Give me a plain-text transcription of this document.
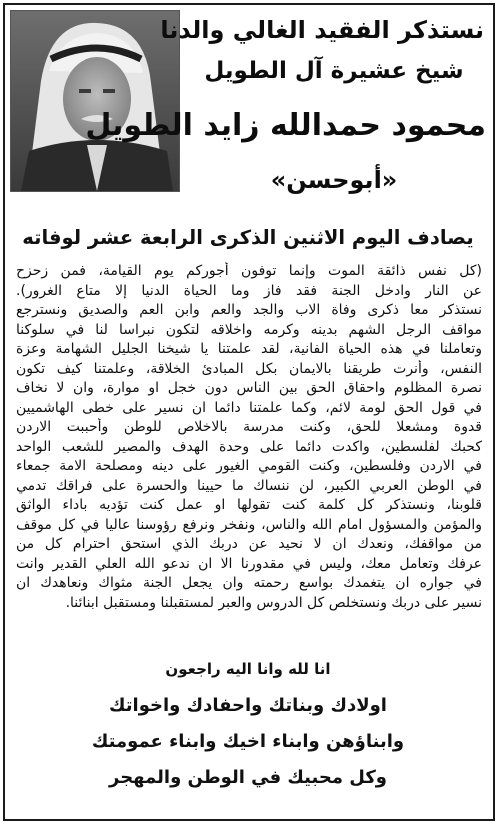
نستذكر الفقيد الغالي والدنا
شيخ عشيرة آل الطويل
محمود حمدالله زايد الطويل
«أبوحسن»
يصادف اليوم الاثنين الذكرى الرابعة عشر لوفاته
(كل نفس ذائقة الموت وإنما توفون أجوركم يوم القيامة، فمن زحزح
عن النار وادخل الجنة فقد فاز وما الحياة الدنيا إلا متاع الغرور).
نستذكر معا ذكرى وفاة الاب والجد والعم وابن العم والصديق ونسترجع
مواقف الرجل الشهم بدينه وكرمه واخلاقه لتكون نبراسا لنا في سلوكنا
وتعاملنا في هذه الحياة الفانية، لقد علمتنا يا شيخنا الجليل الشهامة وعزة
النفس، وأنرت طريقنا بالايمان بكل المبادئ الخلاقة، وعلمتنا كيف تكون
نصرة المظلوم واحقاق الحق بين الناس دون خجل او موارة، وان لا نخاف
في قول الحق لومة لائم، وكما علمتنا دائما ان نسير على خطى الهاشميين
قدوة ومشعلا للحق، وكنت مدرسة بالاخلاص للوطن وأحببت الاردن
كحبك لفلسطين، واكدت دائما على وحدة الهدف والمصير للشعب الواحد
في الاردن وفلسطين، وكنت القومي الغيور على دينه ومصلحة الامة جمعاء
في الوطن العربي الكبير، لن ننساك ما حيينا والحسرة على فراقك تدمي
قلوبنا، ونستذكر كل كلمة كنت تقولها او عمل كنت تؤديه باداء الواثق
والمؤمن والمسؤول امام الله والناس، ونفخر ونرفع رؤوسنا عاليا في كل موقف
من مواقفك، ونعدك ان لا نحيد عن دربك الذي استحق احترام كل من
عرفك وتعامل معك، وليس في مقدورنا الا ان ندعو الله العلي القدير وانت
في جواره ان يتغمدك بواسع رحمته وان يجعل الجنة مثواك ونعاهدك ان
نسير على دربك ونستخلص كل الدروس والعبر لمستقبلنا ومستقبل ابنائنا.
انا لله وانا اليه راجعون
اولادك وبناتك واحفادك واخواتك
وابناؤهن وابناء اخيك وابناء عمومتك
وكل محبيك في الوطن والمهجر
